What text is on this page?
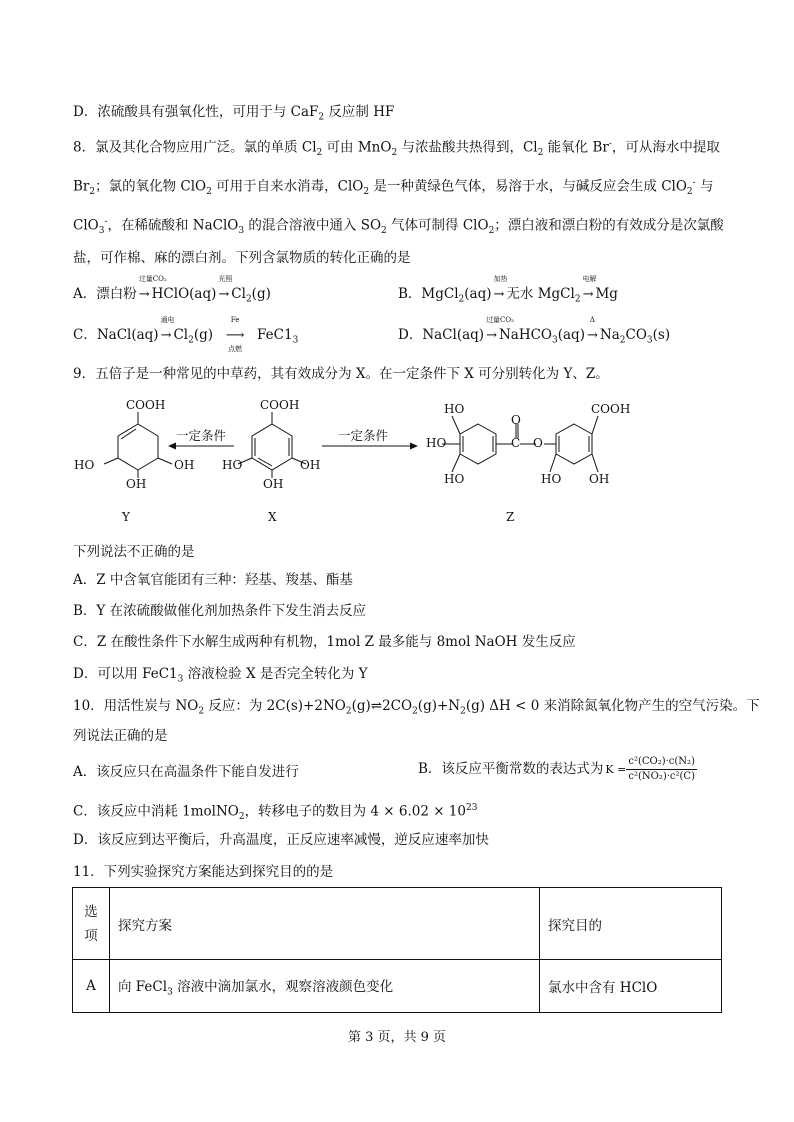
D．浓硫酸具有强氧化性，可用于与 CaF$_2$ 反应制 HF
8．氯及其化合物应用广泛。氯的单质 $Cl_2$ 可由 MnO$_2$ 与浓盐酸共热得到，$Cl_2$ 能氧化 Br-，可从海水中提取
$Br_2$；氯的氧化物 ClO$_2$ 可用于自来水消毒，ClO$_2$ 是一种黄绿色气体，易溶于水，与碱反应会生成 ClO$_2$- 与
ClO$_3$-，在稀硫酸和 NaClO$_3$ 的混合溶液中通入 $SO_2$ 气体可制得 ClO$_2$；漂白液和漂白粉的有效成分是次氯酸
盐，可作棉、麻的漂白剂。下列含氯物质的转化正确的是
A．漂白粉
过量CO₂
→ HClO(aq)
光照
→ $Cl_2(g)$	B．MgCl$_2$(aq)
加热
→ 无水 MgCl$_2$
电解
→ Mg
C．NaCl(aq)
通电
→ $Cl_2(g)$
Fe
⟶
点燃
$FeC1_3$	D．NaCl(aq)
过量CO₂
→ NaHCO$_3$(aq)
Δ
→ $Na_2CO_3(s)$
9．五倍子是一种常见的中草药，其有效成分为 X。在一定条件下 X 可分别转化为 Y、Z。
COOH
HO	OH
OH
Y
一定条件
COOH
HO	OH
OH
X
一定条件
HO
HO
HO
O
C O
COOH
HO OH
Z
下列说法不正确的是
A．Z 中含氧官能团有三种：羟基、羧基、酯基
B．Y 在浓硫酸做催化剂加热条件下发生消去反应
C．Z 在酸性条件下水解生成两种有机物，1mol Z 最多能与 8mol NaOH 发生反应
D．可以用 $FeC1_3$ 溶液检验 X 是否完全转化为 Y
10．用活性炭与 $NO_2$ 反应：为 $2C(s)+2NO_2(g)\rightleftharpoons 2CO_2(g)+N_2(g) \Delta H < 0$ 来消除氮氧化物产生的空气污染。下
列说法正确的是
A．该反应只在高温条件下能自发进行	B．该反应平衡常数的表达式为 $K = \frac{\text{c²(CO₂)·c(N₂)}}{\text{c²(NO₂)·c²(C)}}$
C．该反应中消耗 1molNO$_2$，转移电子的数目为 $4 \times 6.02 \times 10^{23}$
D．该反应到达平衡后，升高温度，正反应速率减慢，逆反应速率加快
11．下列实验探究方案能达到探究目的的是
选
项	探究方案	探究目的
A	向 FeCl$_3$ 溶液中滴加氯水，观察溶液颜色变化	氯水中含有 HClO
第 3 页，共 9 页
